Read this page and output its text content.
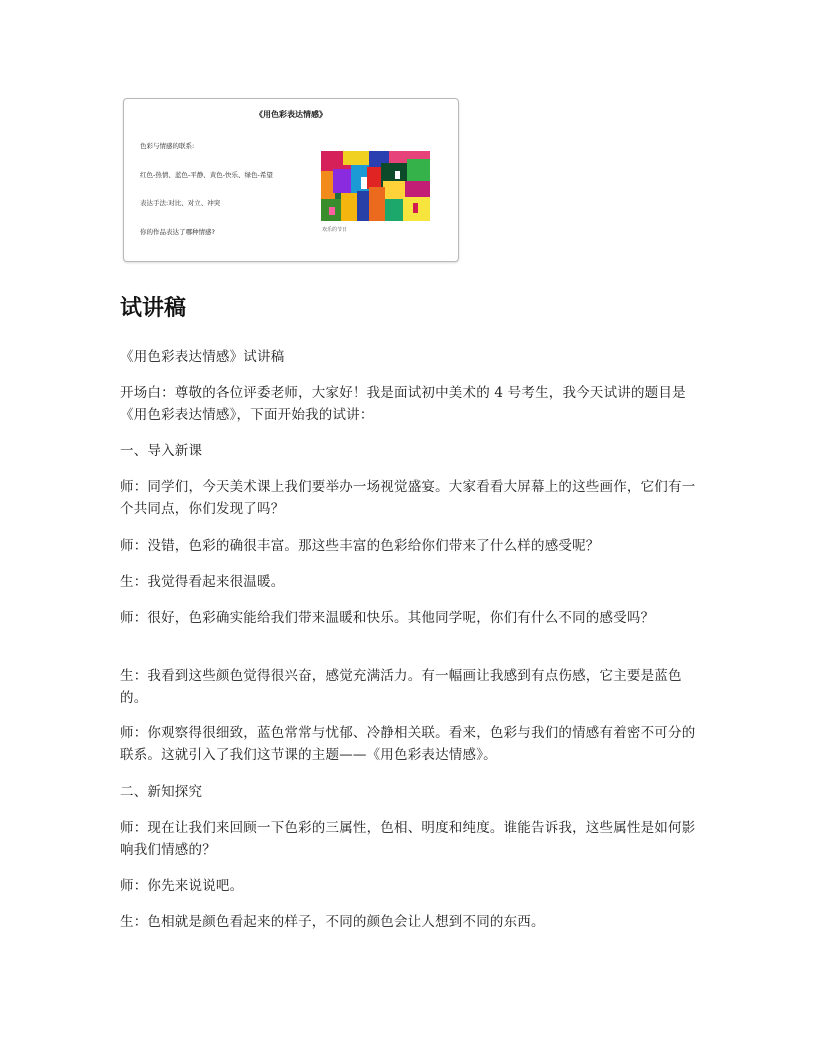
《用色彩表达情感》
色彩与情感的联系:
红色-热情、蓝色-平静、黄色-快乐、绿色-希望
表达手法:对比、对立、冲突
你的作品表达了哪种情感?	欢乐的节日
试讲稿

《用色彩表达情感》试讲稿

开场白：尊敬的各位评委老师，大家好！我是面试初中美术的 4 号考生，我今天试讲的题目是《用色彩表达情感》，下面开始我的试讲：

一、导入新课

师：同学们，今天美术课上我们要举办一场视觉盛宴。大家看看大屏幕上的这些画作，它们有一个共同点，你们发现了吗？

师：没错，色彩的确很丰富。那这些丰富的色彩给你们带来了什么样的感受呢？

生：我觉得看起来很温暖。

师：很好，色彩确实能给我们带来温暖和快乐。其他同学呢，你们有什么不同的感受吗？

生：我看到这些颜色觉得很兴奋，感觉充满活力。有一幅画让我感到有点伤感，它主要是蓝色的。

师：你观察得很细致，蓝色常常与忧郁、冷静相关联。看来，色彩与我们的情感有着密不可分的联系。这就引入了我们这节课的主题——《用色彩表达情感》。

二、新知探究

师：现在让我们来回顾一下色彩的三属性，色相、明度和纯度。谁能告诉我，这些属性是如何影响我们情感的？

师：你先来说说吧。

生：色相就是颜色看起来的样子，不同的颜色会让人想到不同的东西。
